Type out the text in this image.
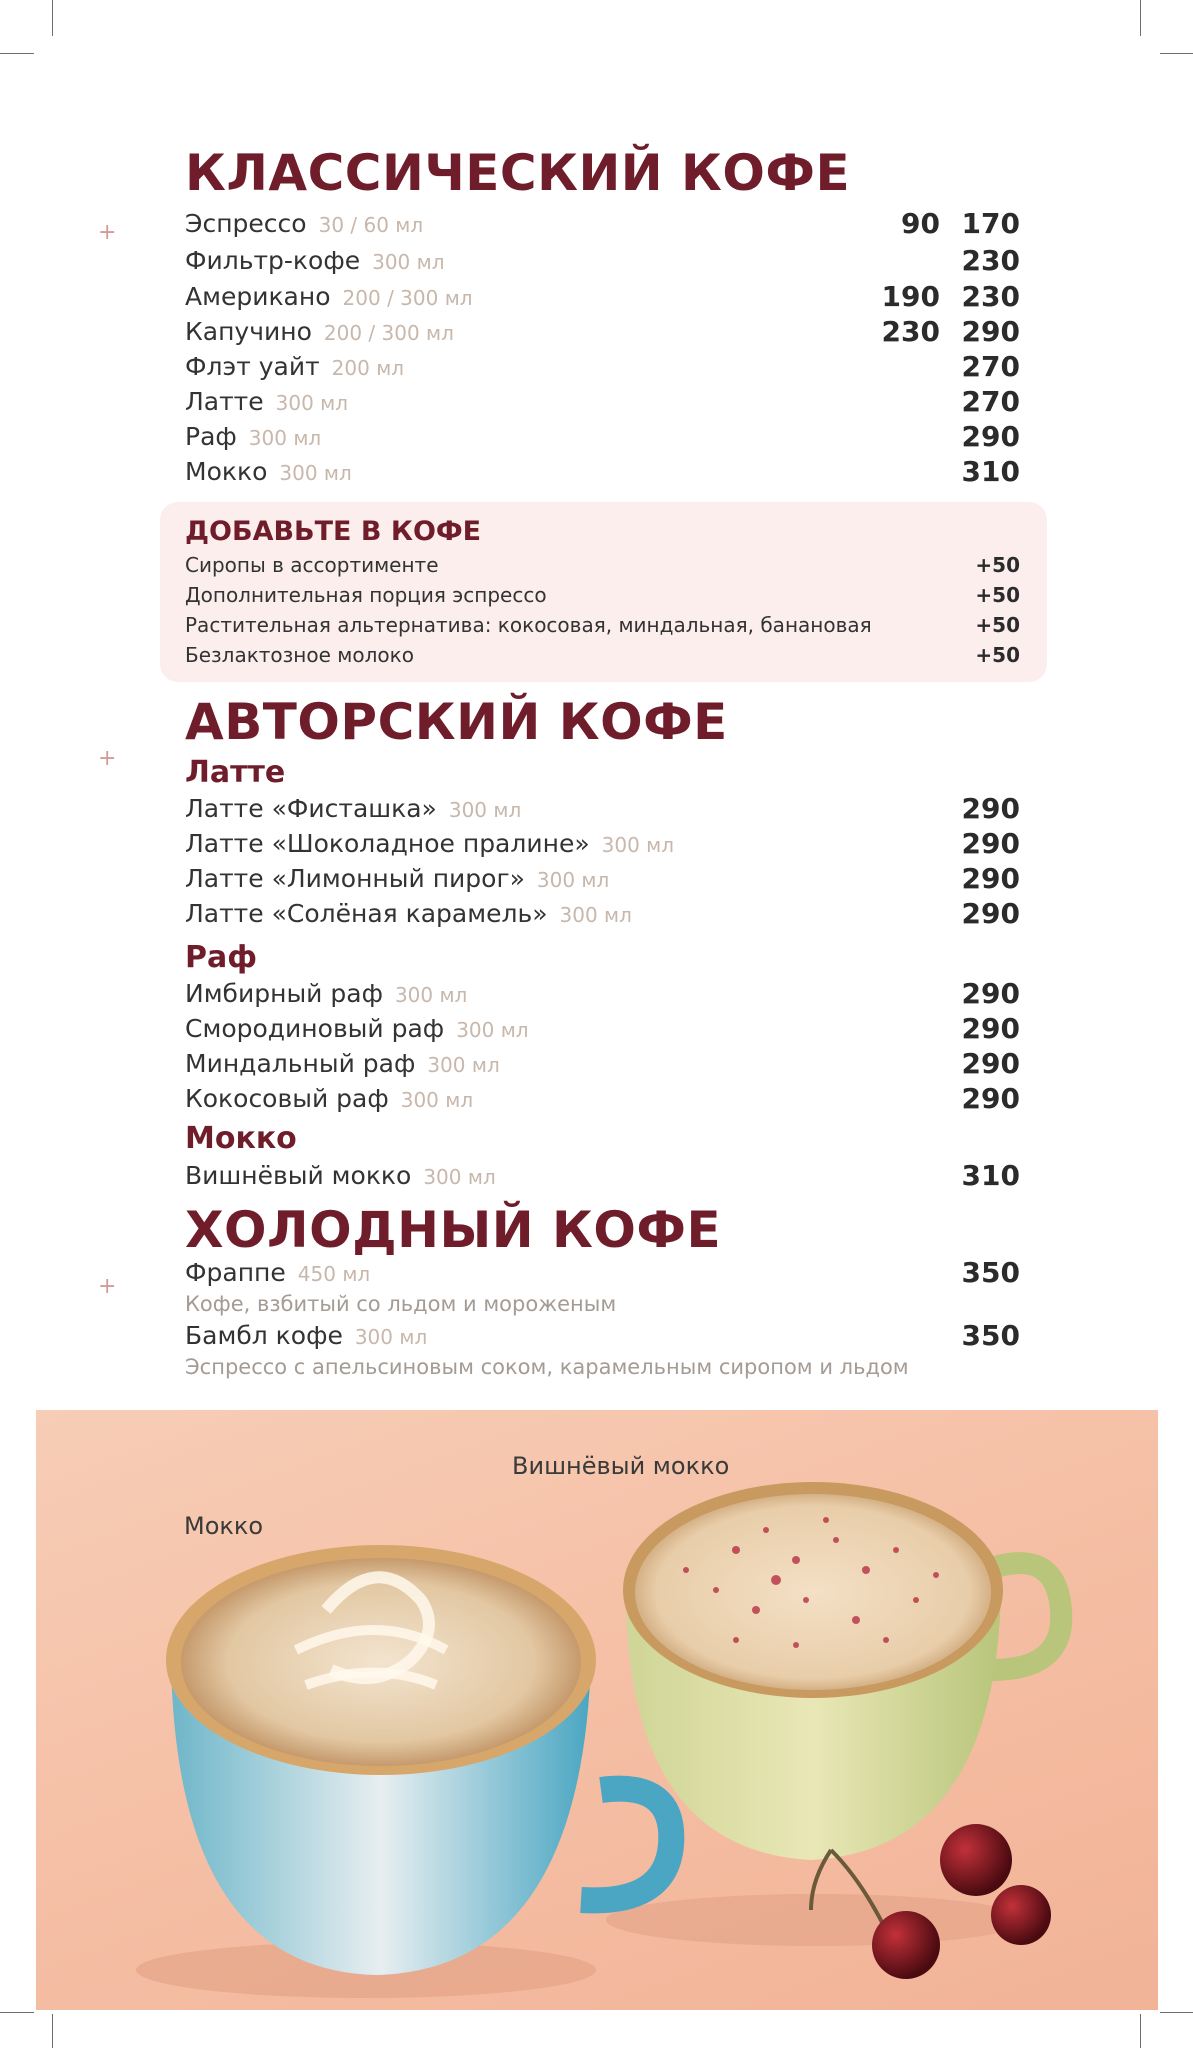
+
+
+
КЛАССИЧЕСКИЙ КОФЕ
Эспрессо 30 / 60 мл	90 170
Фильтр-кофе 300 мл	230
Американо 200 / 300 мл	190 230
Капучино 200 / 300 мл	230 290
Флэт уайт 200 мл	270
Латте 300 мл	270
Раф 300 мл	290
Мокко 300 мл	310
ДОБАВЬТЕ В КОФЕ
Сиропы в ассортименте	+50
Дополнительная порция эспрессо	+50
Растительная альтернатива: кокосовая, миндальная, банановая	+50
Безлактозное молоко	+50
АВТОРСКИЙ КОФЕ
Латте
Латте «Фисташка» 300 мл	290
Латте «Шоколадное пралине» 300 мл	290
Латте «Лимонный пирог» 300 мл	290
Латте «Солёная карамель» 300 мл	290
Раф
Имбирный раф 300 мл	290
Смородиновый раф 300 мл	290
Миндальный раф 300 мл	290
Кокосовый раф 300 мл	290
Мокко
Вишнёвый мокко 300 мл	310
ХОЛОДНЫЙ КОФЕ
Фраппе 450 мл	350
Кофе, взбитый со льдом и мороженым
Бамбл кофе 300 мл	350
Эспрессо с апельсиновым соком, карамельным сиропом и льдом
Вишнёвый мокко
Мокко
